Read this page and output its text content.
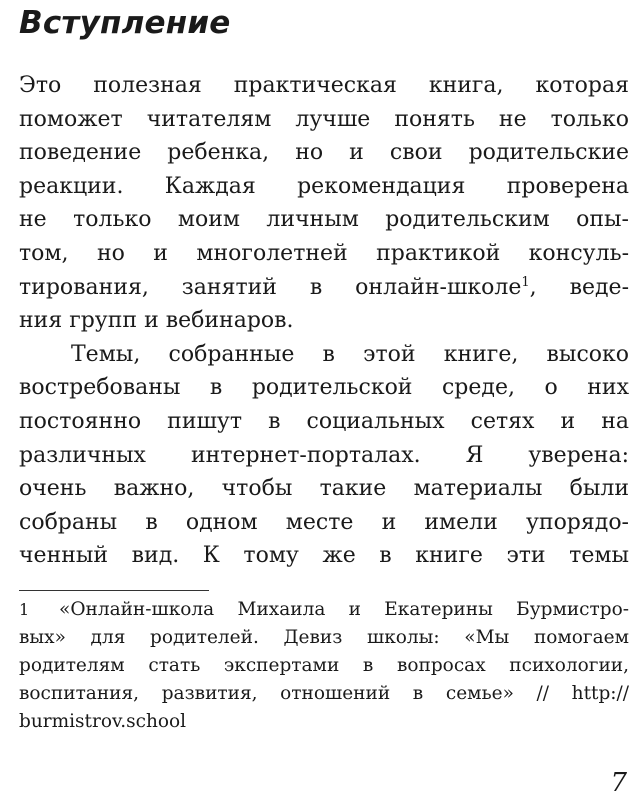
Вступление
Это полезная практическая книга, которая
поможет читателям лучше понять не только
поведение ребенка, но и свои родительские
реакции. Каждая рекомендация проверена
не только моим личным родительским опы-
том, но и многолетней практикой консуль-
тирования, занятий в онлайн-школе$^1$, веде-
ния групп и вебинаров.
Темы, собранные в этой книге, высоко
востребованы в родительской среде, о них
постоянно пишут в социальных сетях и на
различных интернет-порталах. Я уверена:
очень важно, чтобы такие материалы были
собраны в одном месте и имели упорядо-
ченный вид. К тому же в книге эти темы
1 «Онлайн-школа Михаила и Екатерины Бурмистро-
вых» для родителей. Девиз школы: «Мы помогаем
родителям стать экспертами в вопросах психологии,
воспитания, развития, отношений в семье» // http://
burmistrov.school
7
